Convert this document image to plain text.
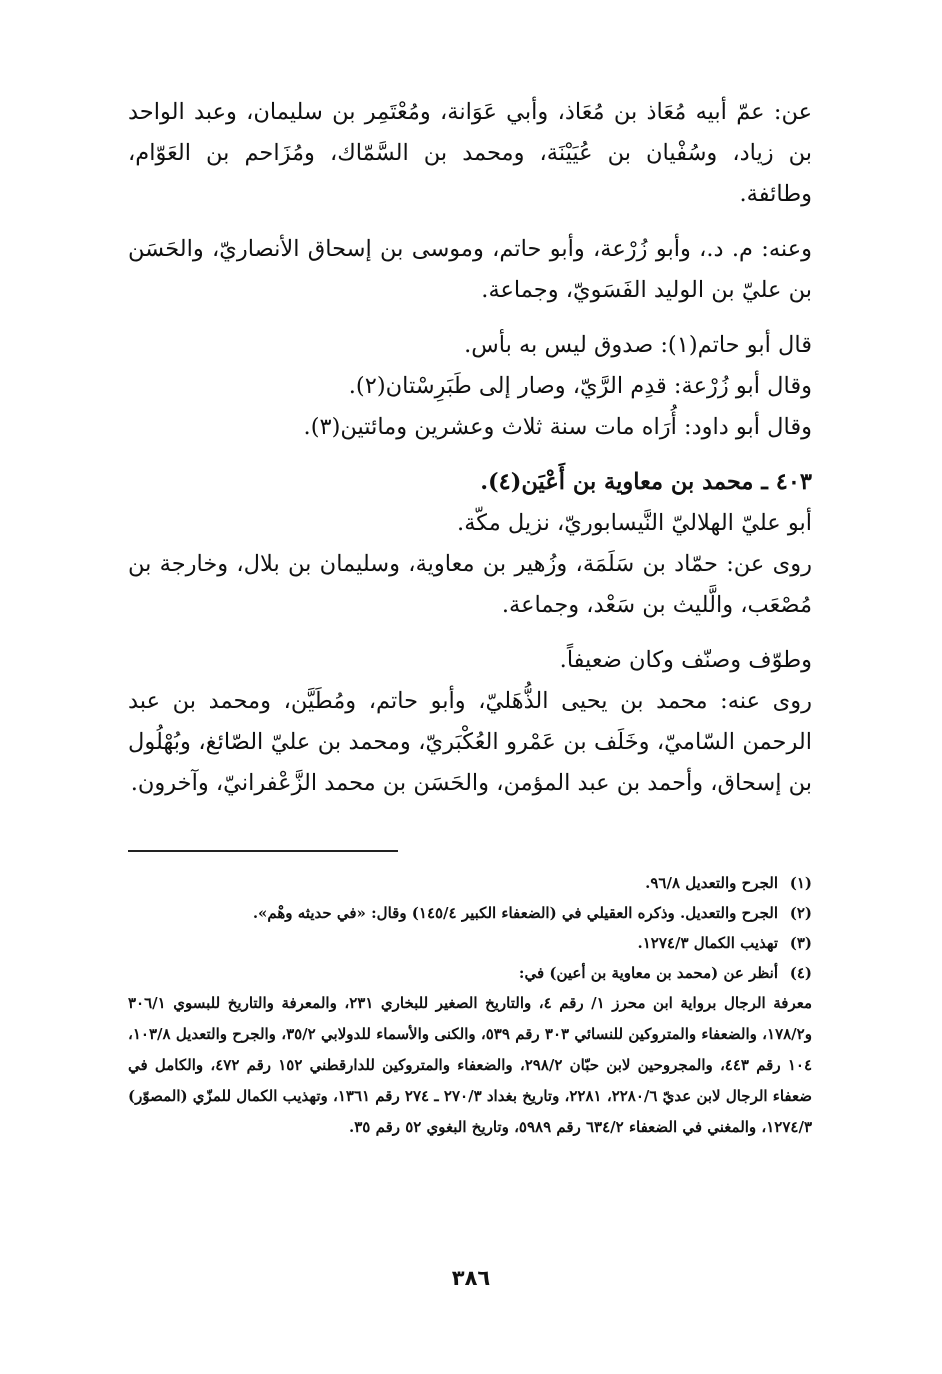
عن: عمّ أبيه مُعَاذ بن مُعَاذ، وأبي عَوَانة، ومُعْتَمِر بن سليمان، وعبد الواحد بن زياد، وسُفْيان بن عُيَيْنَة، ومحمد بن السَّمّاك، ومُزَاحم بن العَوّام، وطائفة.

وعنه: م. د.، وأبو زُرْعة، وأبو حاتم، وموسى بن إسحاق الأنصاريّ، والحَسَن بن عليّ بن الوليد الفَسَويّ، وجماعة.

قال أبو حاتم(١): صدوق ليس به بأس.

وقال أبو زُرْعة: قدِم الرَّيّ، وصار إلى طَبَرِسْتان(٢).

وقال أبو داود: أُرَاه مات سنة ثلاث وعشرين ومائتين(٣).

٤٠٣ ـ محمد بن معاوية بن أَعْيَن(٤).

أبو عليّ الهلاليّ النَّيسابوريّ، نزيل مكّة.

روى عن: حمّاد بن سَلَمَة، وزُهير بن معاوية، وسليمان بن بلال، وخارجة بن مُصْعَب، والَّليث بن سَعْد، وجماعة.

وطوّف وصنّف وكان ضعيفاً.

روى عنه: محمد بن يحيى الذُّهَليّ، وأبو حاتم، ومُطَيَّن، ومحمد بن عبد الرحمن السّاميّ، وخَلَف بن عَمْرو العُكْبَريّ، ومحمد بن عليّ الصّائغ، وبُهْلُول بن إسحاق، وأحمد بن عبد المؤمن، والحَسَن بن محمد الزَّعْفرانيّ، وآخرون.

(١)
الجرح والتعديل ٩٦/٨.
(٢)
الجرح والتعديل. وذكره العقيلي في (الضعفاء الكبير ١٤٥/٤) وقال: «في حديثه وهْم».
(٣)
تهذيب الكمال ١٢٧٤/٣.
(٤)
أنظر عن (محمد بن معاوية بن أعين) في:
معرفة الرجال برواية ابن محرز ١/ رقم ٤، والتاريخ الصغير للبخاري ٢٣١، والمعرفة والتاريخ للبسوي ٣٠٦/١ و١٧٨/٢، والضعفاء والمتروكين للنسائي ٣٠٣ رقم ٥٣٩، والكنى والأسماء للدولابي ٣٥/٢، والجرح والتعديل ١٠٣/٨، ١٠٤ رقم ٤٤٣، والمجروحين لابن حبّان ٢٩٨/٢، والضعفاء والمتروكين للدارقطني ١٥٢ رقم ٤٧٢، والكامل في ضعفاء الرجال لابن عديّ ٢٢٨٠/٦، ٢٢٨١، وتاريخ بغداد ٢٧٠/٣ ـ ٢٧٤ رقم ١٣٦١، وتهذيب الكمال للمزّي (المصوّر) ١٢٧٤/٣، والمغني في الضعفاء ٦٣٤/٢ رقم ٥٩٨٩، وتاريخ البغوي ٥٢ رقم ٣٥.
٣٨٦
